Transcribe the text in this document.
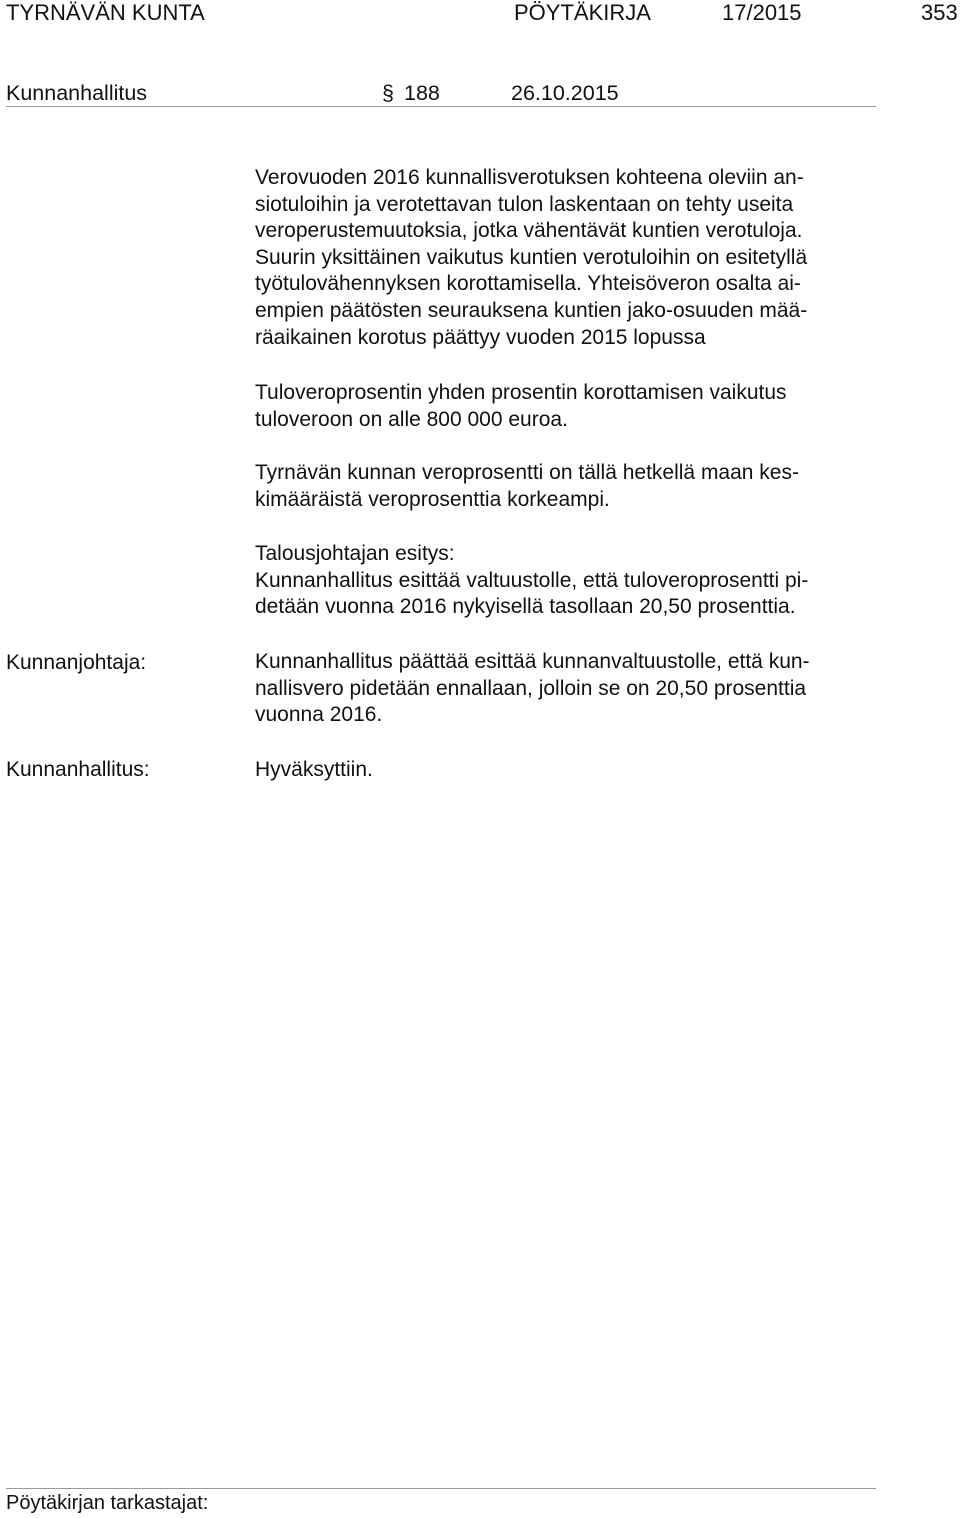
TYRNÄVÄN KUNTA	PÖYTÄKIRJA	17/2015	353
Kunnanhallitus	§ 188	26.10.2015

Verovuoden 2016 kunnallisverotuksen kohteena oleviin an-

siotuloihin ja verotettavan tulon laskentaan on tehty useita

veroperustemuutoksia, jotka vähentävät kuntien verotuloja.

Suurin yksittäinen vaikutus kuntien verotuloihin on esitetyllä

työtulovähennyksen korottamisella. Yhteisöveron osalta ai-

empien päätösten seurauksena kuntien jako-osuuden mää-

räaikainen korotus päättyy vuoden 2015 lopussa

Tuloveroprosentin yhden prosentin korottamisen vaikutus

tuloveroon on alle 800 000 euroa.

Tyrnävän kunnan veroprosentti on tällä hetkellä maan kes-

kimääräistä veroprosenttia korkeampi.

Talousjohtajan esitys:

Kunnanhallitus esittää valtuustolle, että tuloveroprosentti pi-

detään vuonna 2016 nykyisellä tasollaan 20,50 prosenttia.

Kunnanjohtaja:	Kunnanhallitus päättää esittää kunnanvaltuustolle, että kun-

nallisvero pidetään ennallaan, jolloin se on 20,50 prosenttia

vuonna 2016.

Kunnanhallitus:	Hyväksyttiin.
Pöytäkirjan tarkastajat:
